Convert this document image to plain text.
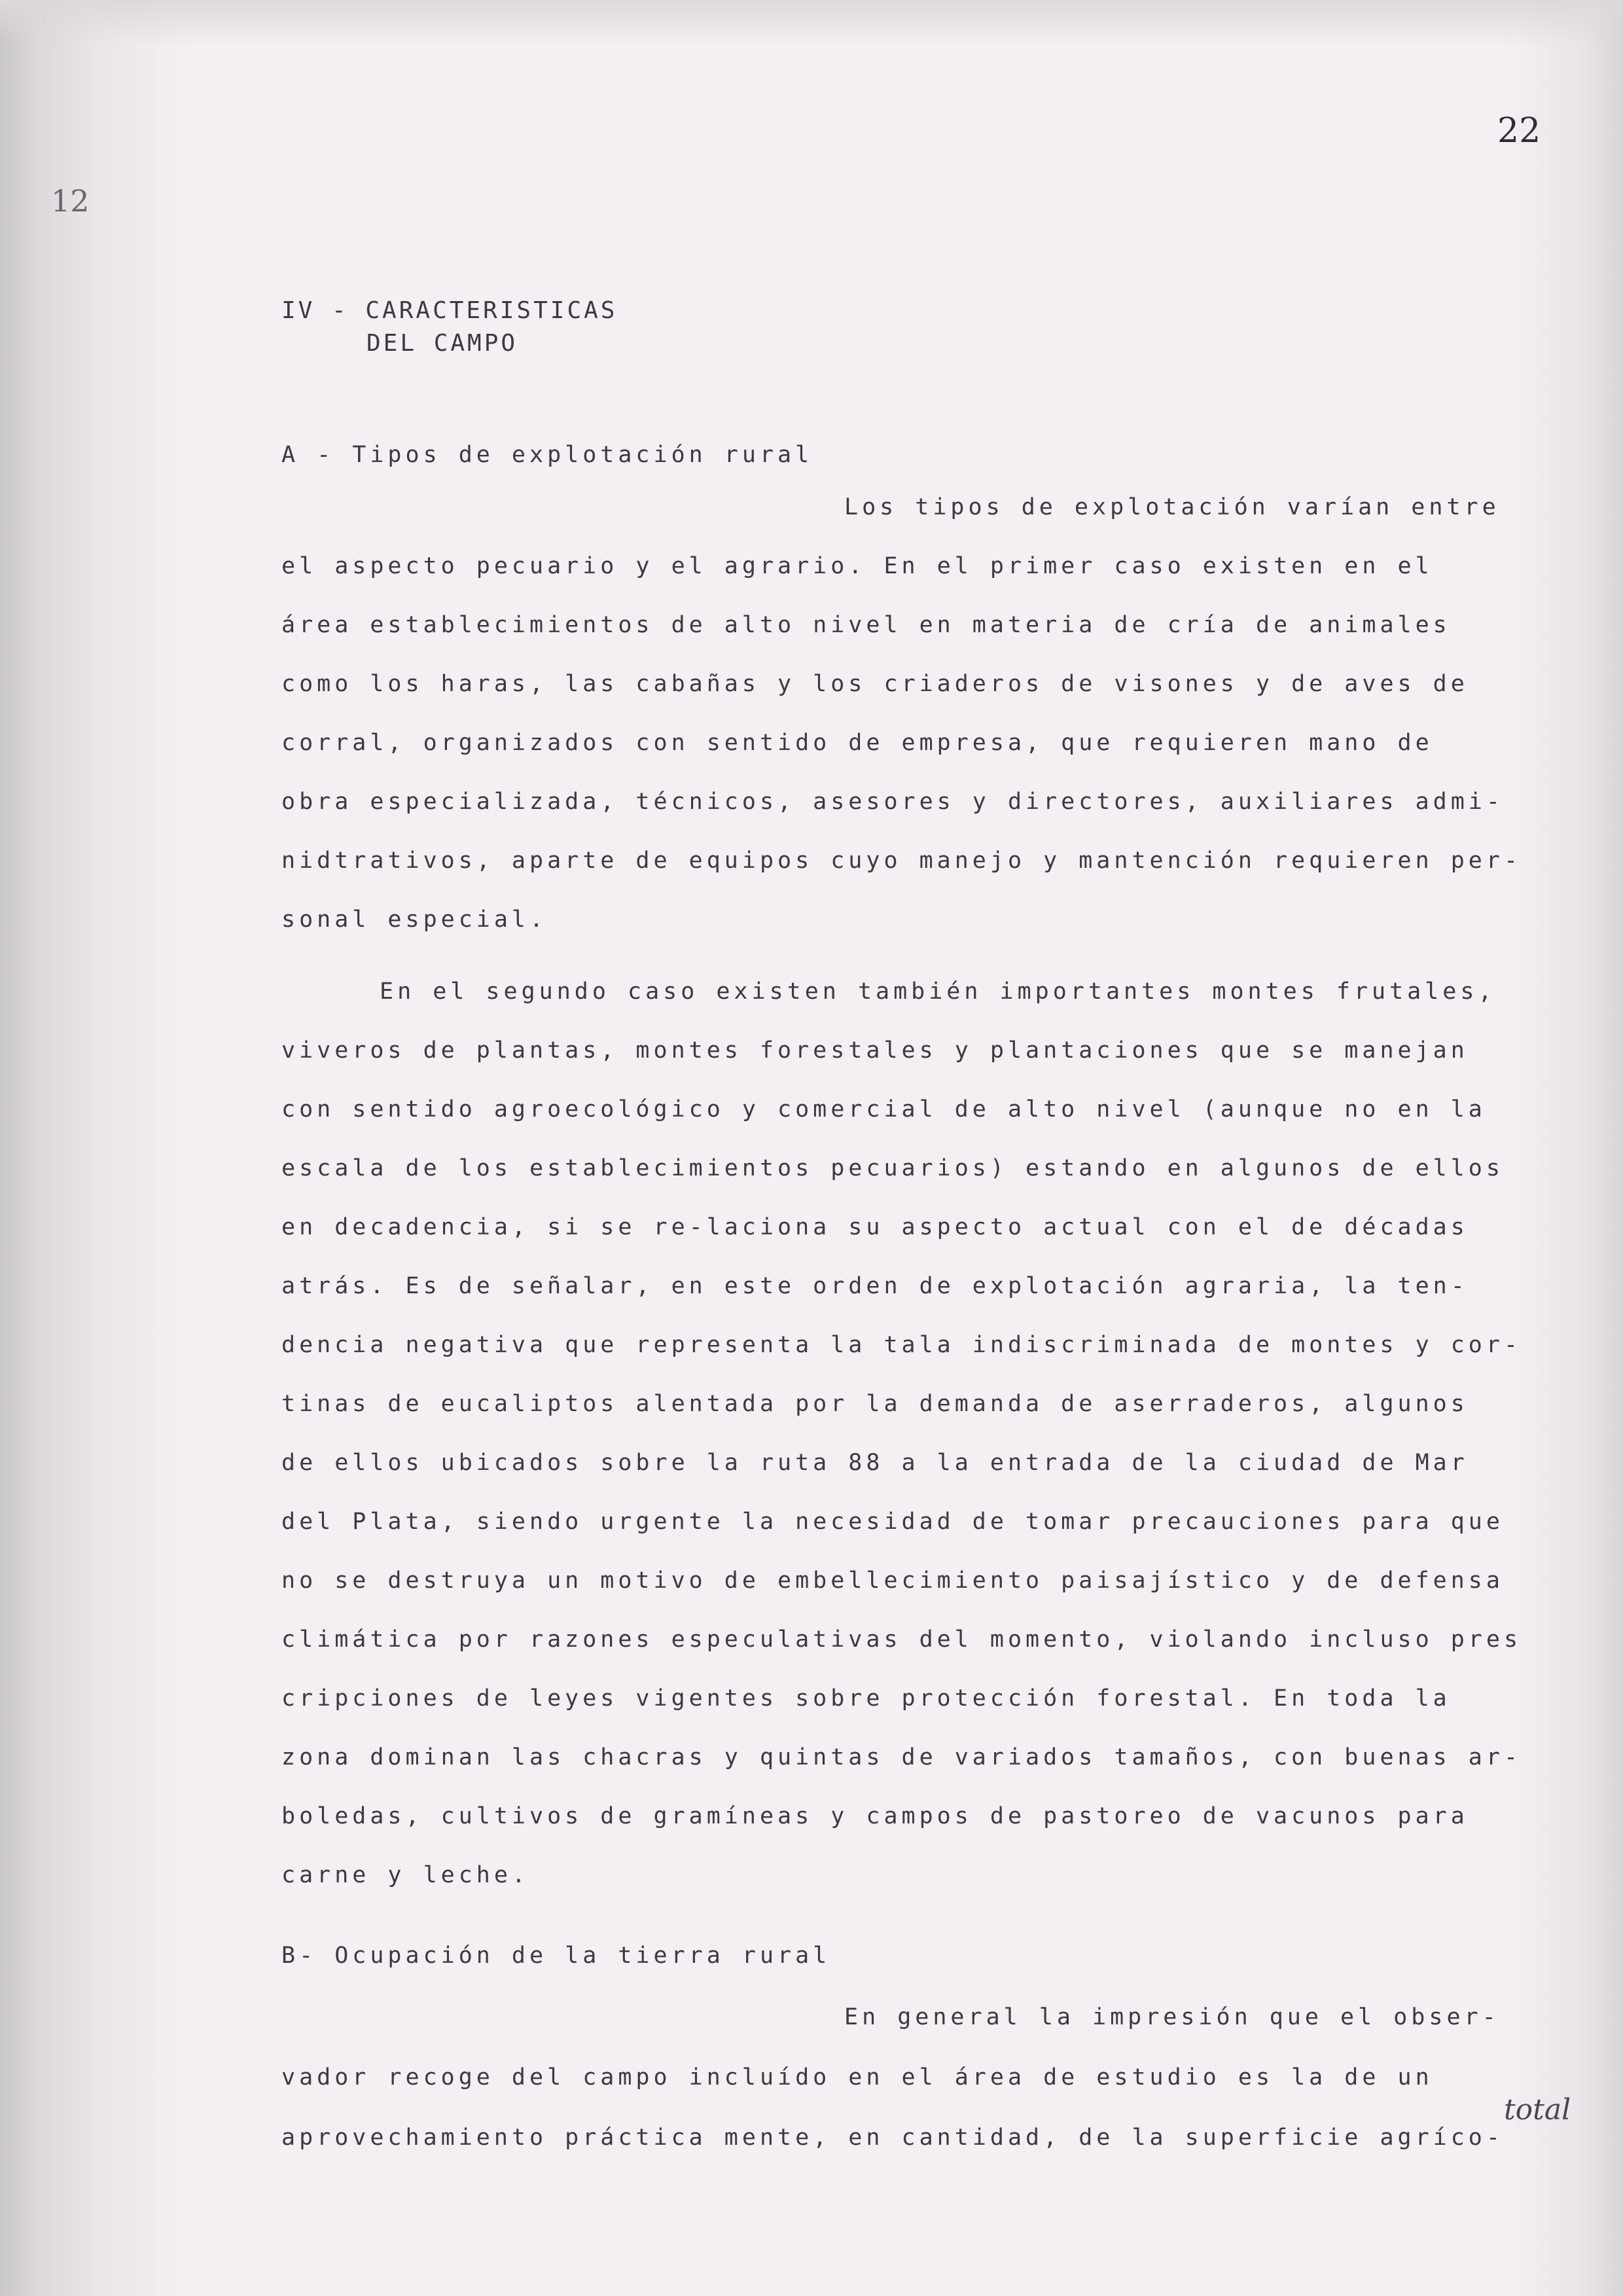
22
12
IV - CARACTERISTICAS
DEL CAMPO
A - Tipos de explotación rural
Los tipos de explotación varían entre
el aspecto pecuario y el agrario. En el primer caso existen en el
área establecimientos de alto nivel en materia de cría de animales
como los haras, las cabañas y los criaderos de visones y de aves de
corral, organizados con sentido de empresa, que requieren mano de
obra especializada, técnicos, asesores y directores, auxiliares admi-
nidtrativos, aparte de equipos cuyo manejo y mantención requieren per-
sonal especial.
En el segundo caso existen también importantes montes frutales,
viveros de plantas, montes forestales y plantaciones que se manejan
con sentido agroecológico y comercial de alto nivel (aunque no en la
escala de los establecimientos pecuarios) estando en algunos de ellos
en decadencia, si se re-laciona su aspecto actual con el de décadas
atrás. Es de señalar, en este orden de explotación agraria, la ten-
dencia negativa que representa la tala indiscriminada de montes y cor-
tinas de eucaliptos alentada por la demanda de aserraderos, algunos
de ellos ubicados sobre la ruta 88 a la entrada de la ciudad de Mar
del Plata, siendo urgente la necesidad de tomar precauciones para que
no se destruya un motivo de embellecimiento paisajístico y de defensa
climática por razones especulativas del momento, violando incluso pres
cripciones de leyes vigentes sobre protección forestal. En toda la
zona dominan las chacras y quintas de variados tamaños, con buenas ar-
boledas, cultivos de gramíneas y campos de pastoreo de vacunos para
carne y leche.
B- Ocupación de la tierra rural
En general la impresión que el obser-
vador recoge del campo incluído en el área de estudio es la de un
aprovechamiento práctica mente, en cantidad, de la superficie agríco-
total
